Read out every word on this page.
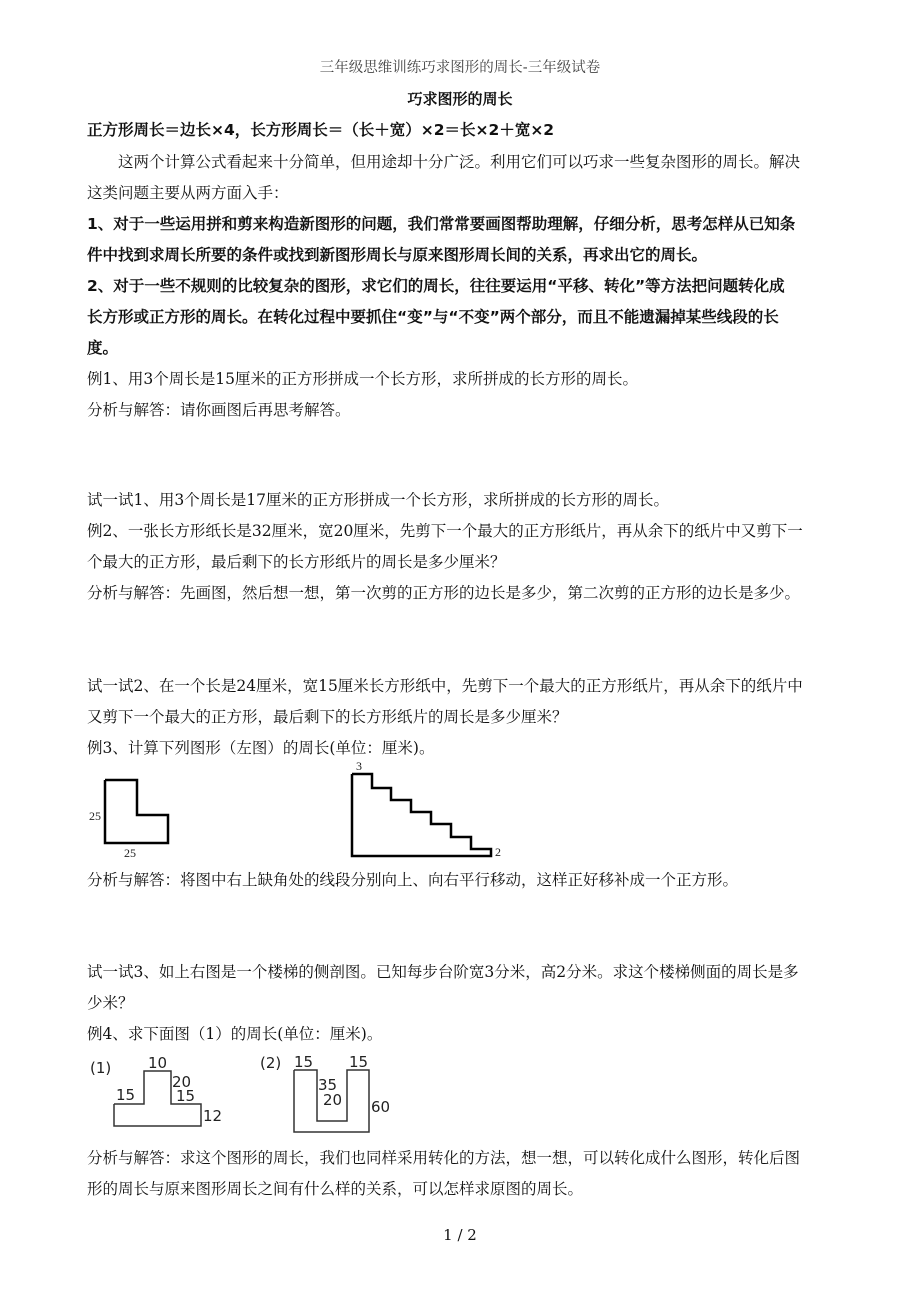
三年级思维训练巧求图形的周长-三年级试卷
巧求图形的周长
正方形周长＝边长×4，长方形周长＝（长＋宽）×2＝长×2＋宽×2
这两个计算公式看起来十分简单，但用途却十分广泛。利用它们可以巧求一些复杂图形的周长。解决
这类问题主要从两方面入手：
1、对于一些运用拼和剪来构造新图形的问题，我们常常要画图帮助理解，仔细分析，思考怎样从已知条
件中找到求周长所要的条件或找到新图形周长与原来图形周长间的关系，再求出它的周长。
2、对于一些不规则的比较复杂的图形，求它们的周长，往往要运用“平移、转化”等方法把问题转化成
长方形或正方形的周长。在转化过程中要抓住“变”与“不变”两个部分，而且不能遗漏掉某些线段的长
度。
例1、用3个周长是15厘米的正方形拼成一个长方形，求所拼成的长方形的周长。
分析与解答：请你画图后再思考解答。
试一试1、用3个周长是17厘米的正方形拼成一个长方形，求所拼成的长方形的周长。
例2、一张长方形纸长是32厘米，宽20厘米，先剪下一个最大的正方形纸片，再从余下的纸片中又剪下一
个最大的正方形，最后剩下的长方形纸片的周长是多少厘米？
分析与解答：先画图，然后想一想，第一次剪的正方形的边长是多少，第二次剪的正方形的边长是多少。
试一试2、在一个长是24厘米，宽15厘米长方形纸中，先剪下一个最大的正方形纸片，再从余下的纸片中
又剪下一个最大的正方形，最后剩下的长方形纸片的周长是多少厘米？
例3、计算下列图形（左图）的周长(单位：厘米)。
25
25
3
2
(1) 10
15
20
15
12
(2) 15 15
35
20 60
分析与解答：将图中右上缺角处的线段分别向上、向右平行移动，这样正好移补成一个正方形。
试一试3、如上右图是一个楼梯的侧剖图。已知每步台阶宽3分米，高2分米。求这个楼梯侧面的周长是多
少米？
例4、求下面图（1）的周长(单位：厘米)。
分析与解答：求这个图形的周长，我们也同样采用转化的方法，想一想，可以转化成什么图形，转化后图
形的周长与原来图形周长之间有什么样的关系，可以怎样求原图的周长。
1 / 2
